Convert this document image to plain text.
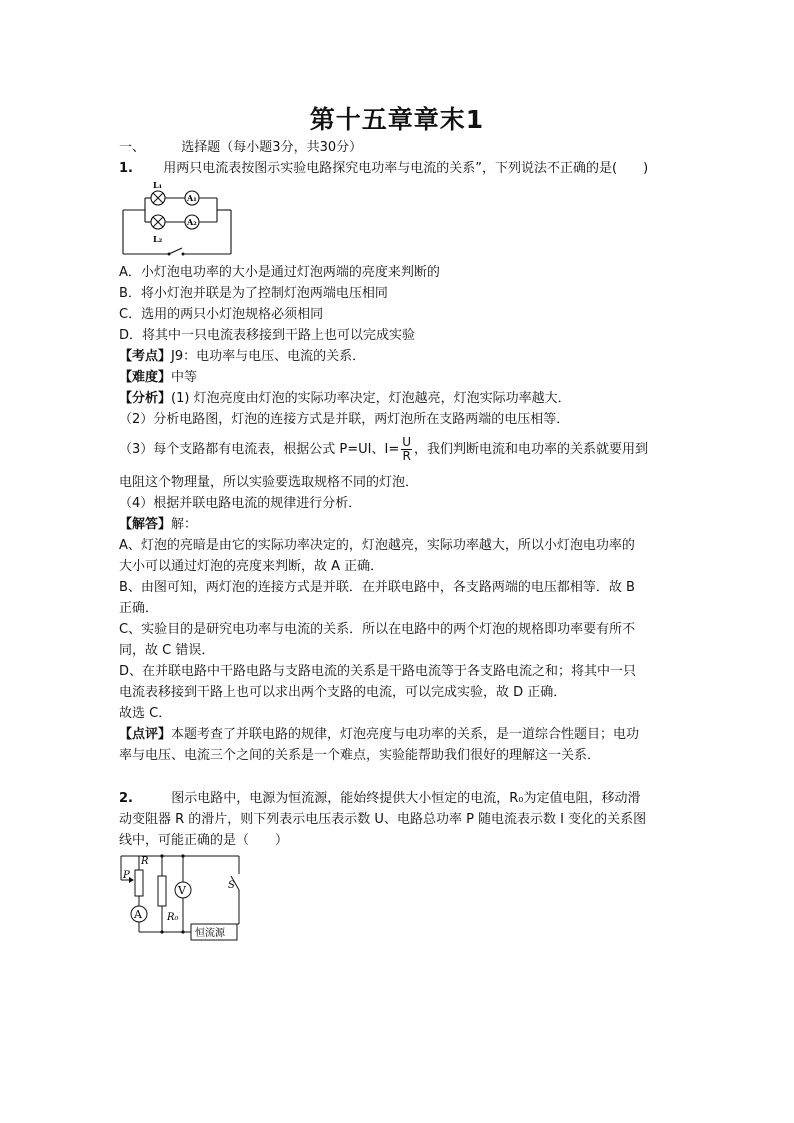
第十五章章末1
一、	选择题（每小题3分，共30分）
1. 用两只电流表按图示实验电路探究电功率与电流的关系”，下列说法不正确的是(　　)
L₁
L₂
A₁
A₂
A．小灯泡电功率的大小是通过灯泡两端的亮度来判断的
B．将小灯泡并联是为了控制灯泡两端电压相同
C．选用的两只小灯泡规格必须相同
D．将其中一只电流表移接到干路上也可以完成实验
【考点】J9：电功率与电压、电流的关系．
【难度】中等
【分析】(1) 灯泡亮度由灯泡的实际功率决定，灯泡越亮，灯泡实际功率越大．
（2）分析电路图，灯泡的连接方式是并联，两灯泡所在支路两端的电压相等．
（3）每个支路都有电流表，根据公式 P=UI、$I= \frac{U}{R}$ ，我们判断电流和电功率的关系就要用到
电阻这个物理量，所以实验要选取规格不同的灯泡．
（4）根据并联电路电流的规律进行分析．
【解答】解：
A、灯泡的亮暗是由它的实际功率决定的，灯泡越亮，实际功率越大，所以小灯泡电功率的
大小可以通过灯泡的亮度来判断，故 A 正确．
B、由图可知，两灯泡的连接方式是并联．在并联电路中，各支路两端的电压都相等．故 B
正确．
C、实验目的是研究电功率与电流的关系．所以在电路中的两个灯泡的规格即功率要有所不
同，故 C 错误．
D、在并联电路中干路电路与支路电流的关系是干路电流等于各支路电流之和；将其中一只
电流表移接到干路上也可以求出两个支路的电流，可以完成实验，故 D 正确．
故选 C．
【点评】本题考查了并联电路的规律，灯泡亮度与电功率的关系，是一道综合性题目；电功
率与电压、电流三个之间的关系是一个难点，实验能帮助我们很好的理解这一关系．
2.	图示电路中，电源为恒流源，能始终提供大小恒定的电流，R₀为定值电阻，移动滑
动变阻器 R 的滑片，则下列表示电压表示数 U、电路总功率 P 随电流表示数 I 变化的关系图
线中，可能正确的是（　　）
R
P
S
R₀
A
V
恒流源
